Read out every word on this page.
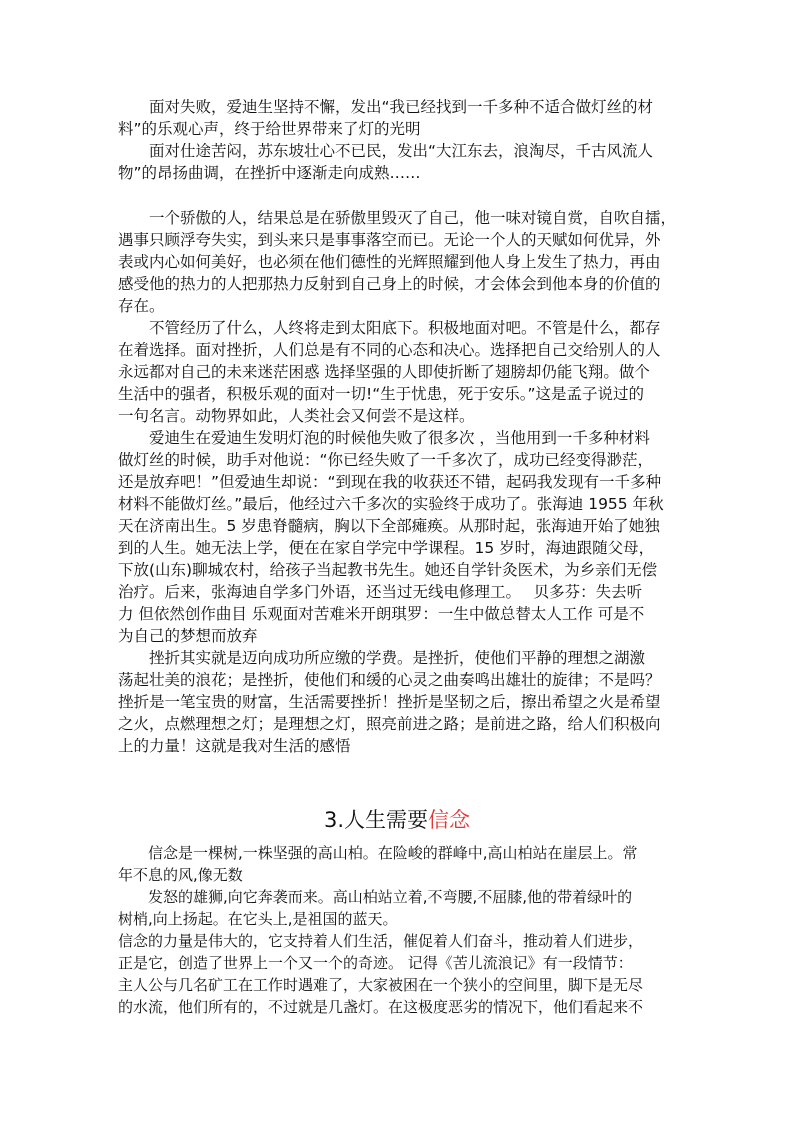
　　面对失败，爱迪生坚持不懈，发出“我已经找到一千多种不适合做灯丝的材
料”的乐观心声，终于给世界带来了灯的光明
　　面对仕途苦闷，苏东坡壮心不已民，发出“大江东去，浪淘尽，千古风流人
物”的昂扬曲调，在挫折中逐渐走向成熟……
　　一个骄傲的人，结果总是在骄傲里毁灭了自己，他一味对镜自赏，自吹自擂，
遇事只顾浮夸失实，到头来只是事事落空而已。无论一个人的天赋如何优异，外
表或内心如何美好，也必须在他们德性的光辉照耀到他人身上发生了热力，再由
感受他的热力的人把那热力反射到自己身上的时候，才会体会到他本身的价值的
存在。
　　不管经历了什么，人终将走到太阳底下。积极地面对吧。不管是什么，都存
在着选择。面对挫折，人们总是有不同的心态和决心。选择把自己交给别人的人
永远都对自己的未来迷茫困惑 选择坚强的人即使折断了翅膀却仍能飞翔。做个
生活中的强者，积极乐观的面对一切!“生于忧患，死于安乐。”这是孟子说过的
一句名言。动物界如此，人类社会又何尝不是这样。
　　爱迪生在爱迪生发明灯泡的时候他失败了很多次 ，当他用到一千多种材料
做灯丝的时候，助手对他说：“你已经失败了一千多次了，成功已经变得渺茫，
还是放弃吧！”但爱迪生却说：“到现在我的收获还不错，起码我发现有一千多种
材料不能做灯丝。”最后，他经过六千多次的实验终于成功了。张海迪 1955 年秋
天在济南出生。5 岁患脊髓病，胸以下全部瘫痪。从那时起，张海迪开始了她独
到的人生。她无法上学，便在在家自学完中学课程。15 岁时，海迪跟随父母，
下放(山东)聊城农村，给孩子当起教书先生。她还自学针灸医术，为乡亲们无偿
治疗。后来，张海迪自学多门外语，还当过无线电修理工。　 贝多芬：失去听
力 但依然创作曲目 乐观面对苦难米开朗琪罗：一生中做总替太人工作 可是不
为自己的梦想而放弃
　　挫折其实就是迈向成功所应缴的学费。是挫折，使他们平静的理想之湖激
荡起壮美的浪花；是挫折，使他们和缓的心灵之曲奏鸣出雄壮的旋律；不是吗？
挫折是一笔宝贵的财富，生活需要挫折！挫折是坚韧之后，擦出希望之火是希望
之火，点燃理想之灯；是理想之灯，照亮前进之路；是前进之路，给人们积极向
上的力量！这就是我对生活的感悟
3.人生需要信念
　　信念是一棵树,一株坚强的高山柏。在险峻的群峰中,高山柏站在崖层上。常
年不息的风,像无数
　　发怒的雄狮,向它奔袭而来。高山柏站立着,不弯腰,不屈膝,他的带着绿叶的
树梢,向上扬起。在它头上,是祖国的蓝天。
信念的力量是伟大的，它支持着人们生活，催促着人们奋斗，推动着人们进步，
正是它，创造了世界上一个又一个的奇迹。 记得《苦儿流浪记》有一段情节：
主人公与几名矿工在工作时遇难了，大家被困在一个狭小的空间里，脚下是无尽
的水流，他们所有的，不过就是几盏灯。在这极度恶劣的情况下，他们看起来不
